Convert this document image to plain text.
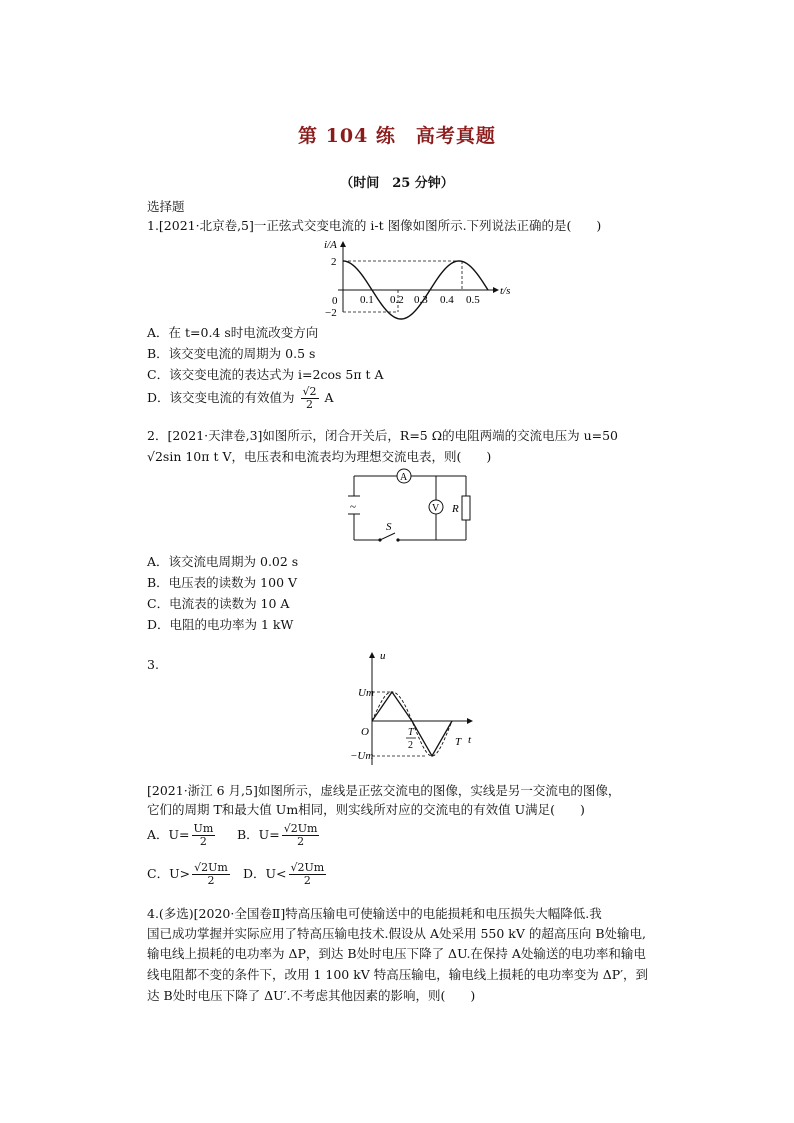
第 104 练　高考真题
（时间　25 分钟）
选择题
1.[2021·北京卷,5]一正弦式交变电流的 i-t 图像如图所示.下列说法正确的是(　　)
i/A
t/s
2
−2
0 0.1 0.2 0.3 0.4 0.5
A．在 t=0.4 s时电流改变方向
B．该交变电流的周期为 0.5 s
C．该交变电流的表达式为 i=2cos 5π t A
D．该交变电流的有效值为 $\frac{√2}{2}$ A
2．[2021·天津卷,3]如图所示，闭合开关后，R=5 Ω的电阻两端的交流电压为 u=50
√2sin 10π t V，电压表和电流表均为理想交流电表，则(　　)
~
A
V R
S
A．该交流电周期为 0.02 s
B．电压表的读数为 100 V
C．电流表的读数为 10 A
D．电阻的电功率为 1 kW
3.
Um
−Um
O
u
t
T
2	T
[2021·浙江 6 月,5]如图所示，虚线是正弦交流电的图像，实线是另一交流电的图像，
它们的周期 T和最大值 Um相同，则实线所对应的交流电的有效值 U满足(　　)
A．$U= \frac{Um}{2}$ B．$U= \frac{√2Um}{2}$
C．$U> \frac{√2Um}{2}$ D．$U< \frac{√2Um}{2}$
4.(多选)[2020·全国卷Ⅱ]特高压输电可使输送中的电能损耗和电压损失大幅降低.我
国已成功掌握并实际应用了特高压输电技术.假设从 A处采用 550 kV 的超高压向 B处输电,
输电线上损耗的电功率为 ΔP，到达 B处时电压下降了 ΔU.在保持 A处输送的电功率和输电
线电阻都不变的条件下，改用 1 100 kV 特高压输电，输电线上损耗的电功率变为 ΔP′，到
达 B处时电压下降了 ΔU′.不考虑其他因素的影响，则(　　)
